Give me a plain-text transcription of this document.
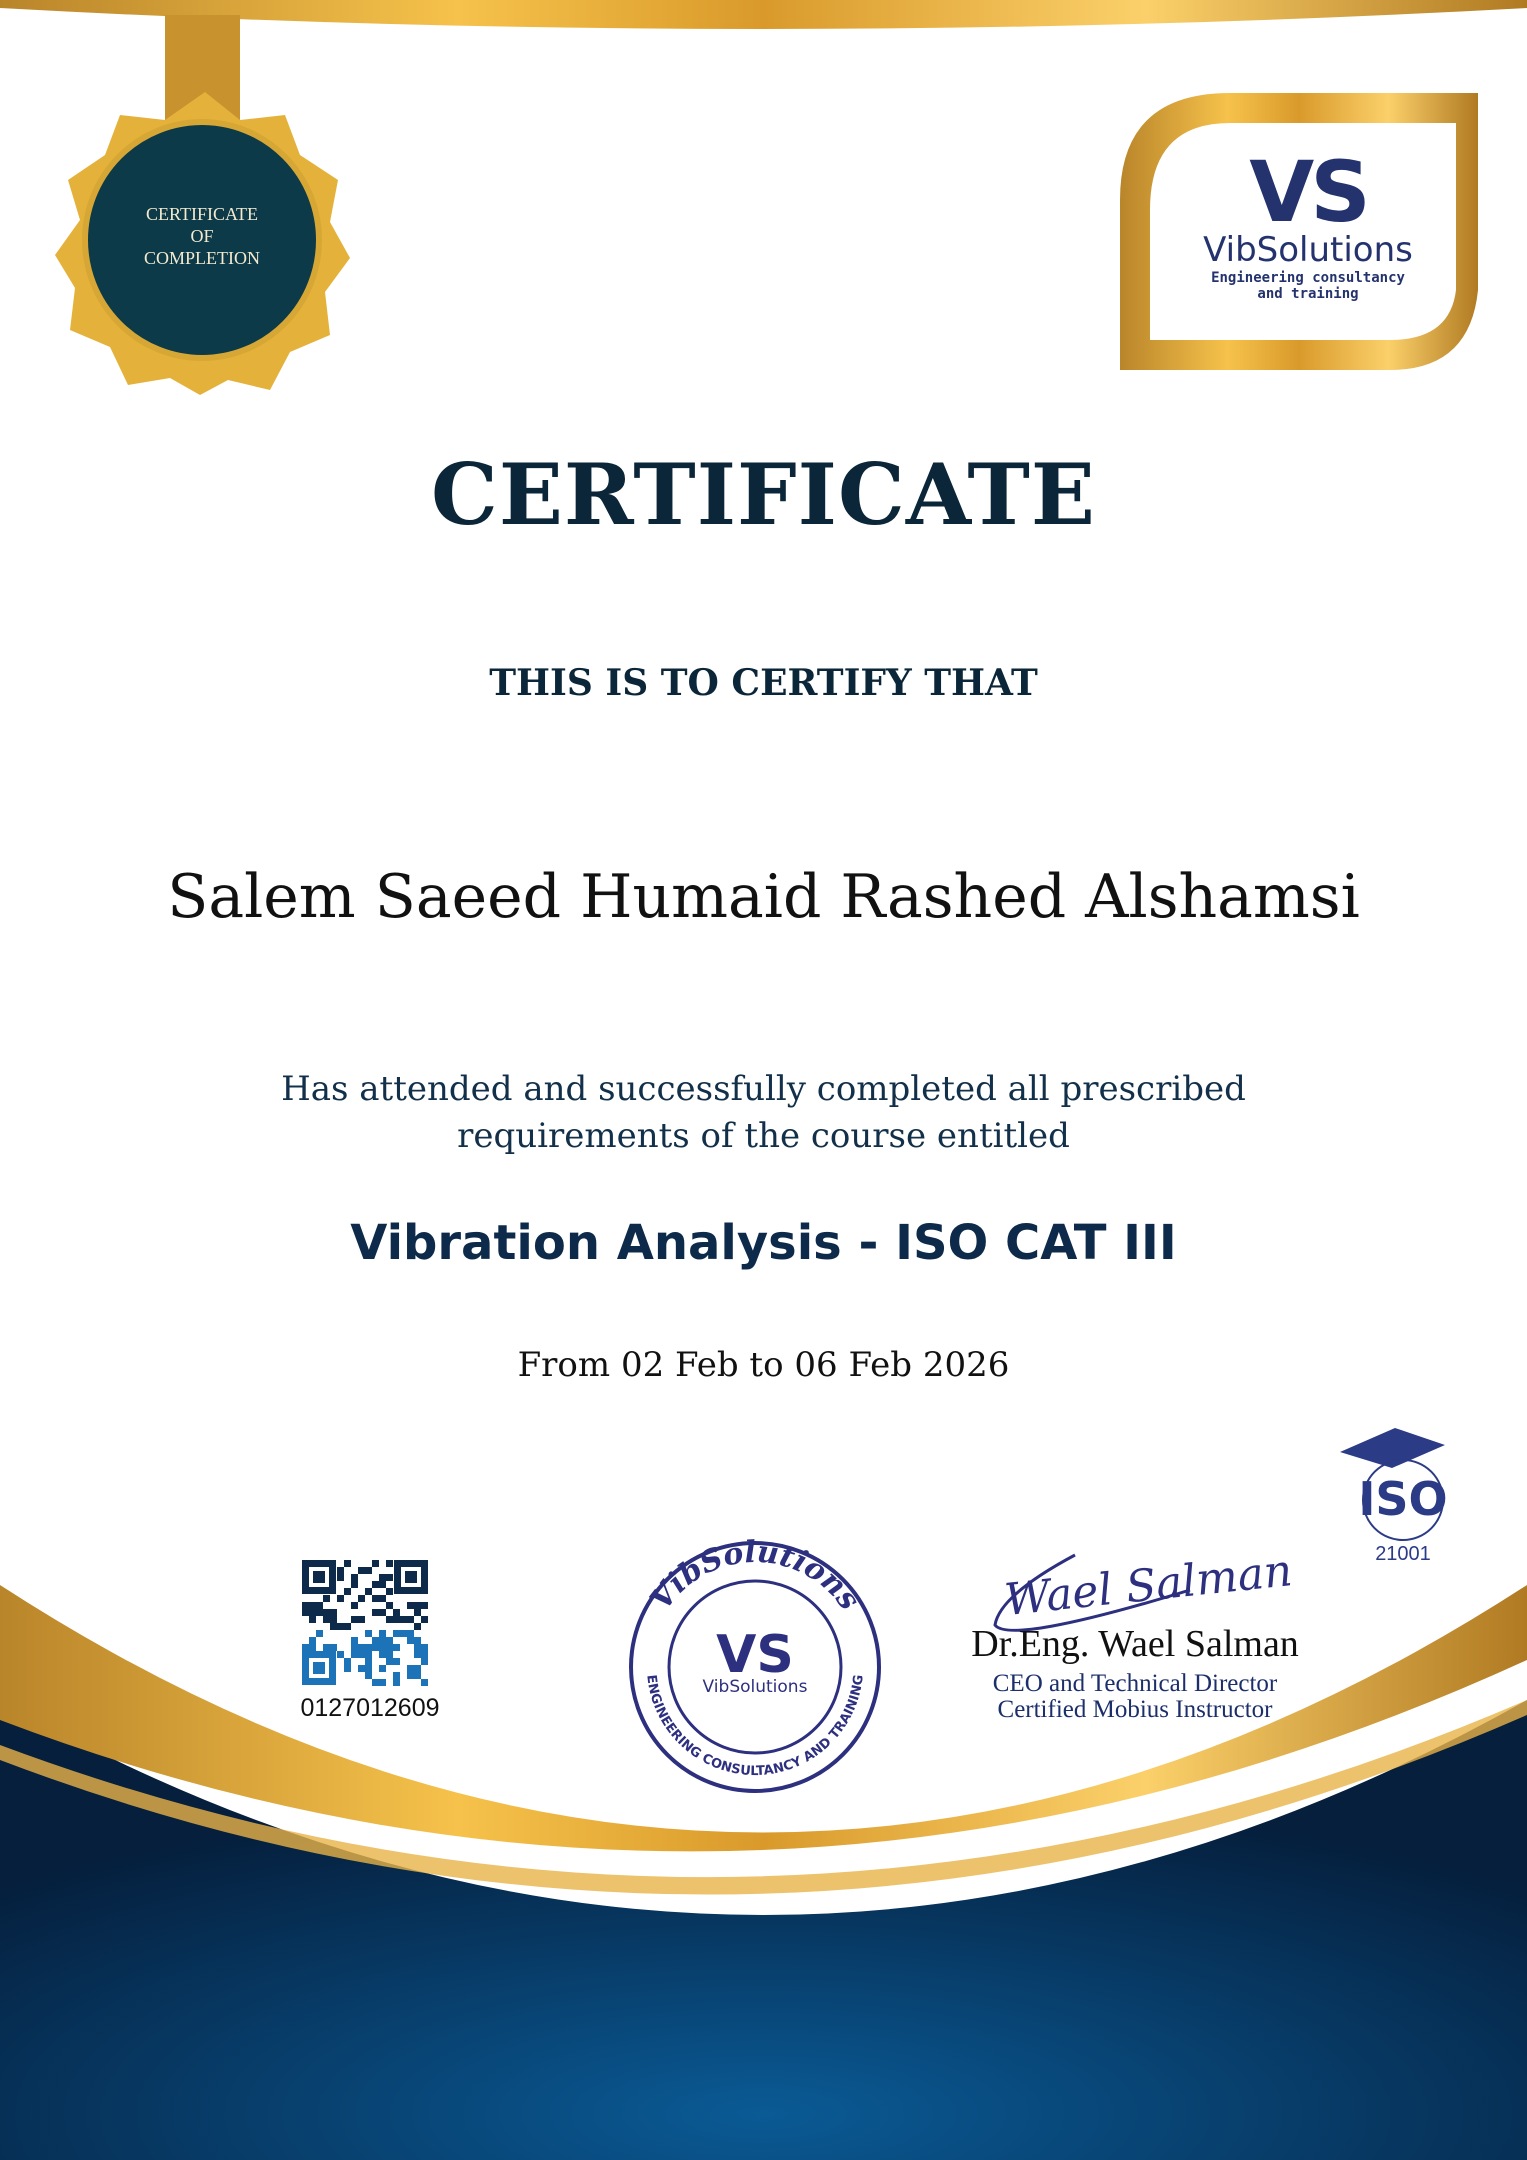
VibSolutions
ENGINEERING CONSULTANCY AND TRAINING
VS
VibSolutions
ISO
21001
Wael Salman
CERTIFICATE
OF
COMPLETION
VS
VibSolutions
Engineering consultancy
and training
CERTIFICATE
THIS IS TO CERTIFY THAT
Salem Saeed Humaid Rashed Alshamsi
Has attended and successfully completed all prescribed
requirements of the course entitled
Vibration Analysis - ISO CAT III
From 02 Feb to 06 Feb 2026
0127012609
Dr.Eng. Wael Salman
CEO and Technical Director
Certified Mobius Instructor
